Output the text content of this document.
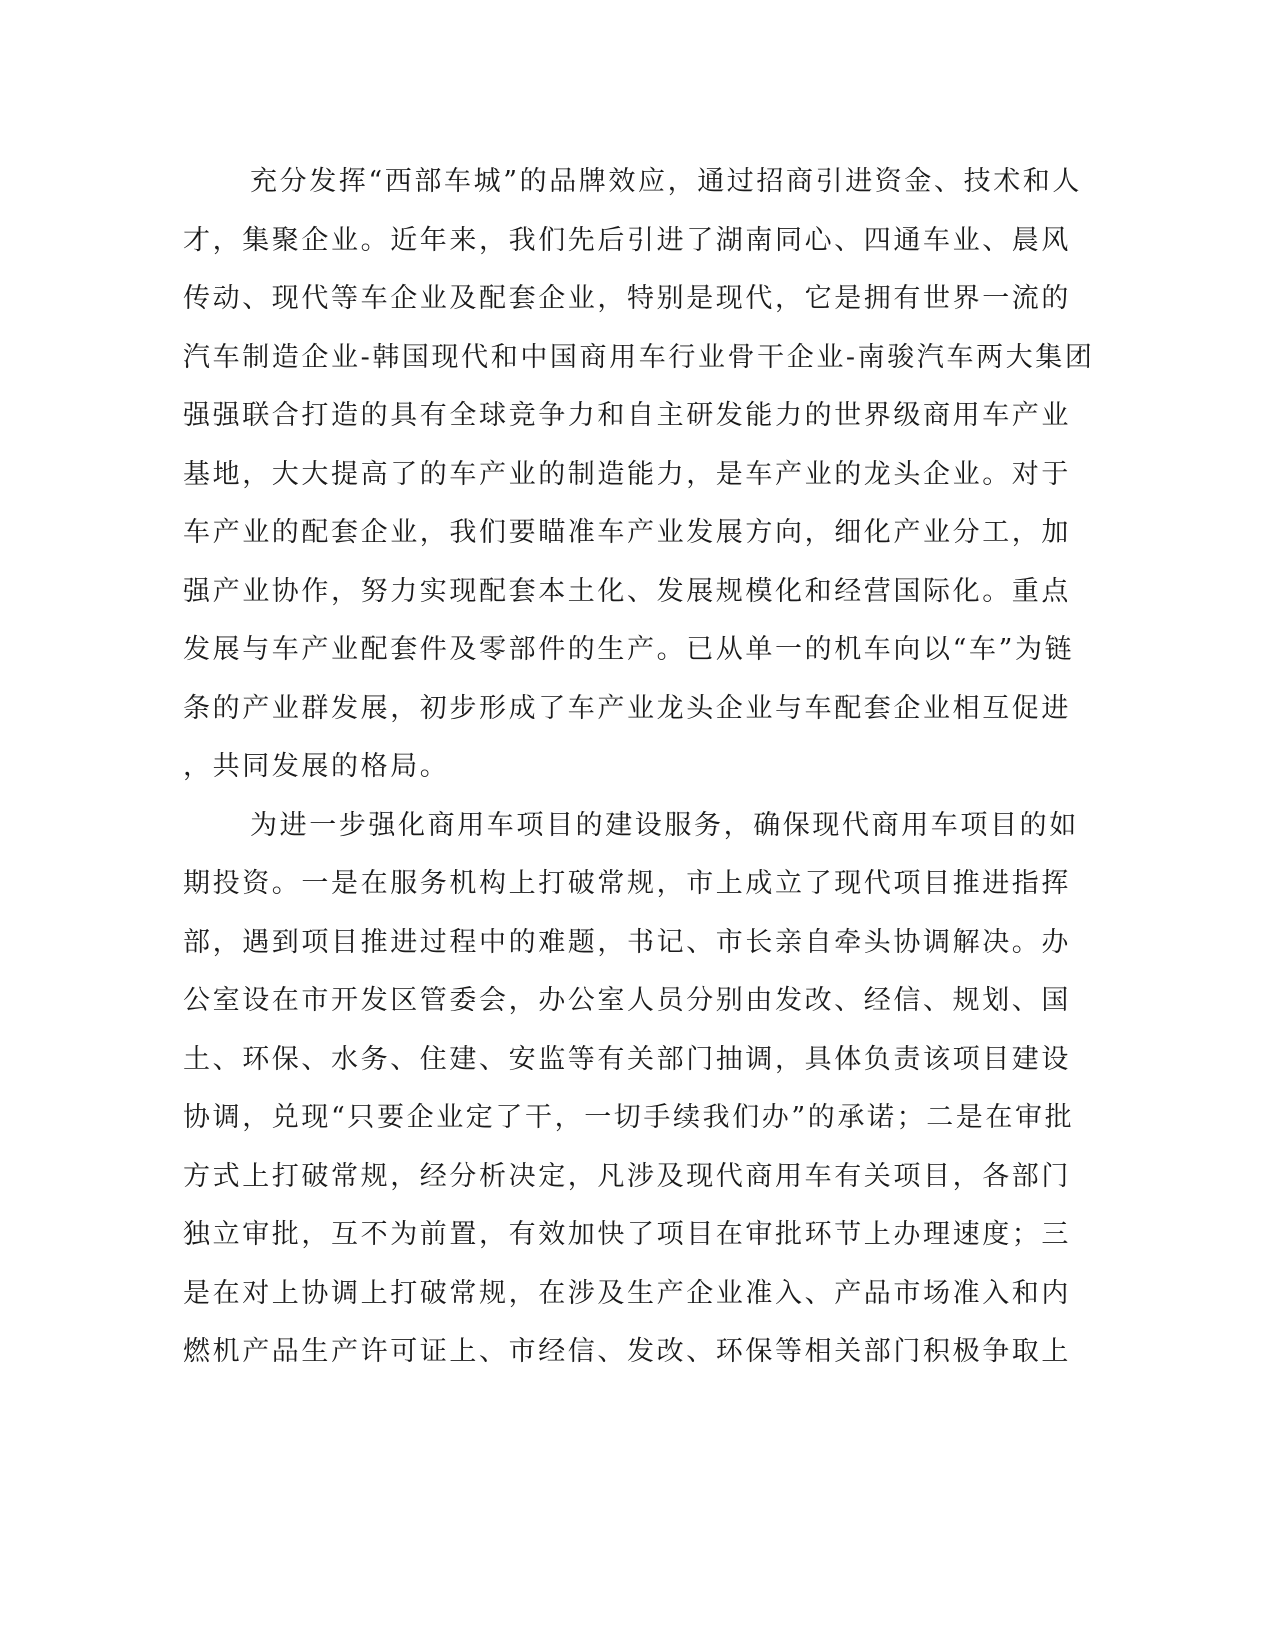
充分发挥“西部车城”的品牌效应，通过招商引进资金、技术和人
才，集聚企业。近年来，我们先后引进了湖南同心、四通车业、晨风
传动、现代等车企业及配套企业，特别是现代，它是拥有世界一流的
汽车制造企业-韩国现代和中国商用车行业骨干企业-南骏汽车两大集团
强强联合打造的具有全球竞争力和自主研发能力的世界级商用车产业
基地，大大提高了的车产业的制造能力，是车产业的龙头企业。对于
车产业的配套企业，我们要瞄准车产业发展方向，细化产业分工，加
强产业协作，努力实现配套本土化、发展规模化和经营国际化。重点
发展与车产业配套件及零部件的生产。已从单一的机车向以“车”为链
条的产业群发展，初步形成了车产业龙头企业与车配套企业相互促进
，共同发展的格局。
为进一步强化商用车项目的建设服务，确保现代商用车项目的如
期投资。一是在服务机构上打破常规，市上成立了现代项目推进指挥
部，遇到项目推进过程中的难题，书记、市长亲自牵头协调解决。办
公室设在市开发区管委会，办公室人员分别由发改、经信、规划、国
土、环保、水务、住建、安监等有关部门抽调，具体负责该项目建设
协调，兑现“只要企业定了干，一切手续我们办”的承诺；二是在审批
方式上打破常规，经分析决定，凡涉及现代商用车有关项目，各部门
独立审批，互不为前置，有效加快了项目在审批环节上办理速度；三
是在对上协调上打破常规，在涉及生产企业准入、产品市场准入和内
燃机产品生产许可证上、市经信、发改、环保等相关部门积极争取上
